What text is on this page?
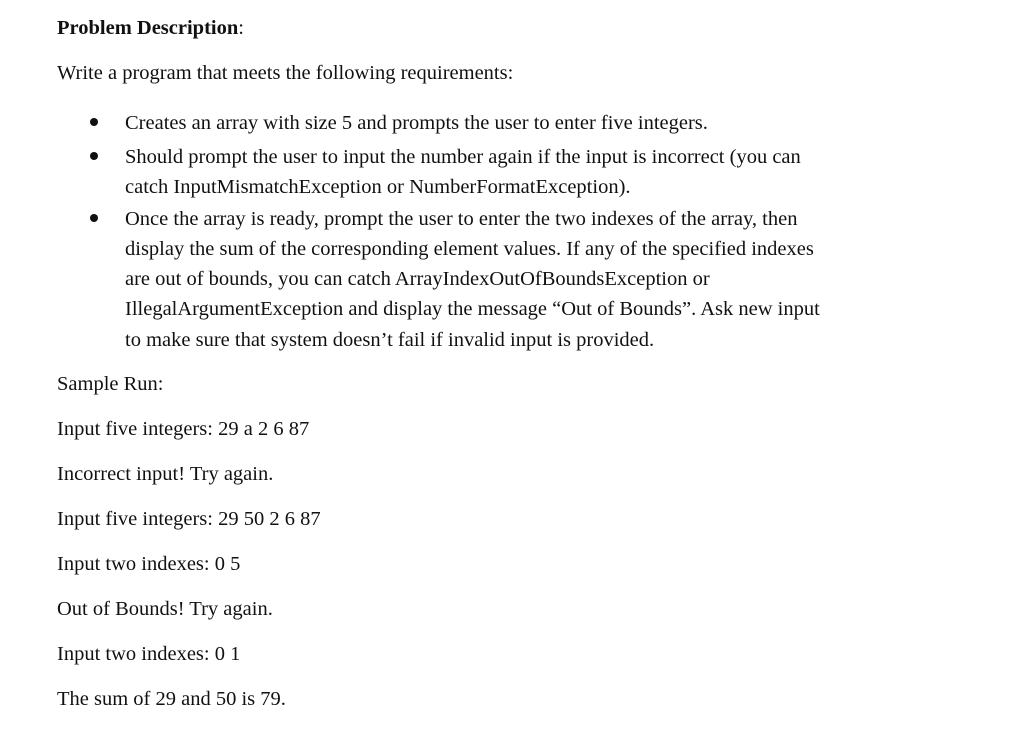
Problem Description:
Write a program that meets the following requirements:
Creates an array with size 5 and prompts the user to enter five integers.
Should prompt the user to input the number again if the input is incorrect (you can
catch InputMismatchException or NumberFormatException).
Once the array is ready, prompt the user to enter the two indexes of the array, then
display the sum of the corresponding element values. If any of the specified indexes
are out of bounds, you can catch ArrayIndexOutOfBoundsException or
IllegalArgumentException and display the message “Out of Bounds”. Ask new input
to make sure that system doesn’t fail if invalid input is provided.
Sample Run:
Input five integers: 29 a 2 6 87
Incorrect input! Try again.
Input five integers: 29 50 2 6 87
Input two indexes: 0 5
Out of Bounds! Try again.
Input two indexes: 0 1
The sum of 29 and 50 is 79.
